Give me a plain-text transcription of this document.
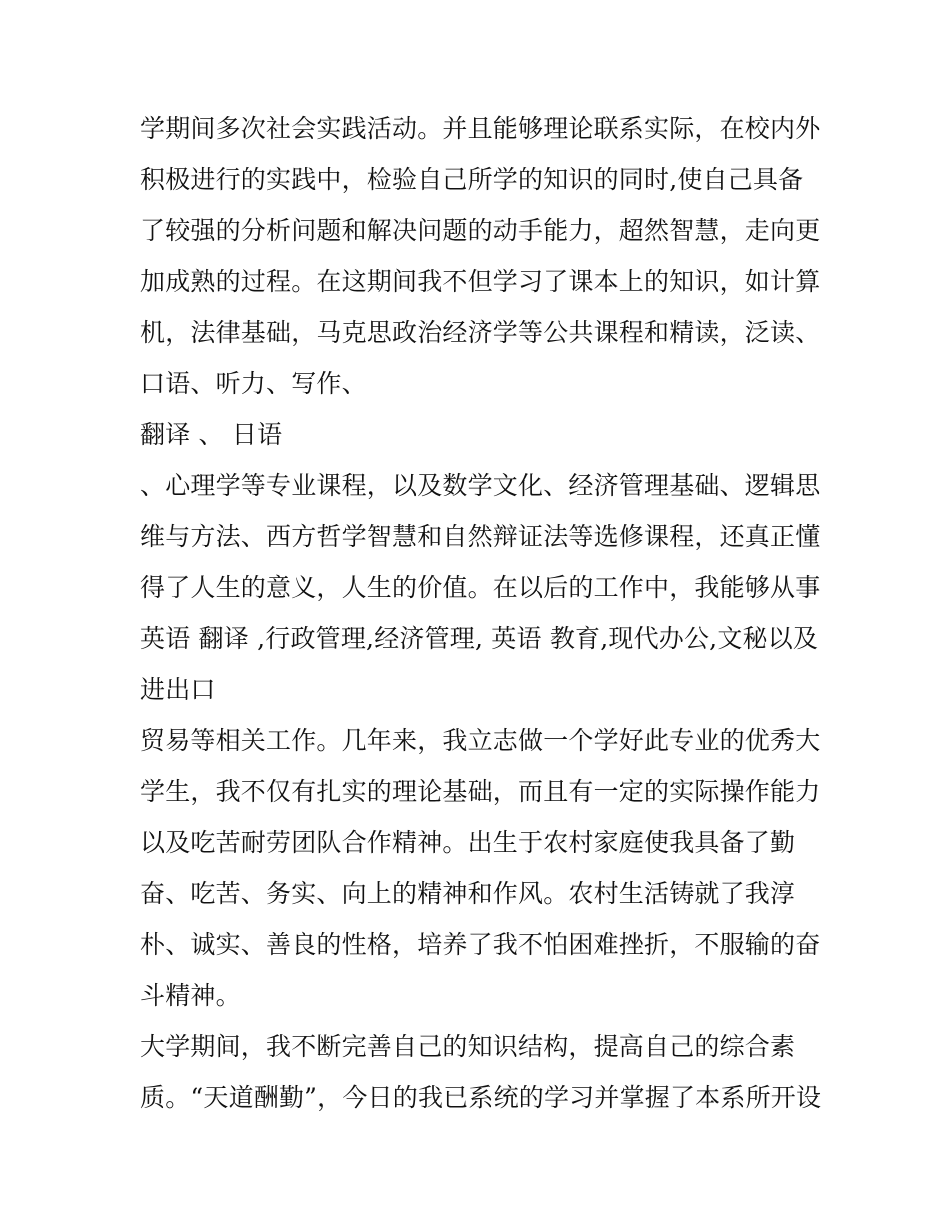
学期间多次社会实践活动。并且能够理论联系实际，在校内外
积极进行的实践中，检验自己所学的知识的同时,使自己具备
了较强的分析问题和解决问题的动手能力，超然智慧，走向更
加成熟的过程。在这期间我不但学习了课本上的知识，如计算
机，法律基础，马克思政治经济学等公共课程和精读，泛读、
口语、听力、写作、
翻译 、 日语
、心理学等专业课程，以及数学文化、经济管理基础、逻辑思
维与方法、西方哲学智慧和自然辩证法等选修课程，还真正懂
得了人生的意义，人生的价值。在以后的工作中，我能够从事
英语 翻译 ,行政管理,经济管理, 英语 教育,现代办公,文秘以及
进出口
贸易等相关工作。几年来，我立志做一个学好此专业的优秀大
学生，我不仅有扎实的理论基础，而且有一定的实际操作能力
以及吃苦耐劳团队合作精神。出生于农村家庭使我具备了勤
奋、吃苦、务实、向上的精神和作风。农村生活铸就了我淳
朴、诚实、善良的性格，培养了我不怕困难挫折，不服输的奋
斗精神。
大学期间，我不断完善自己的知识结构，提高自己的综合素
质。“天道酬勤”，今日的我已系统的学习并掌握了本系所开设
